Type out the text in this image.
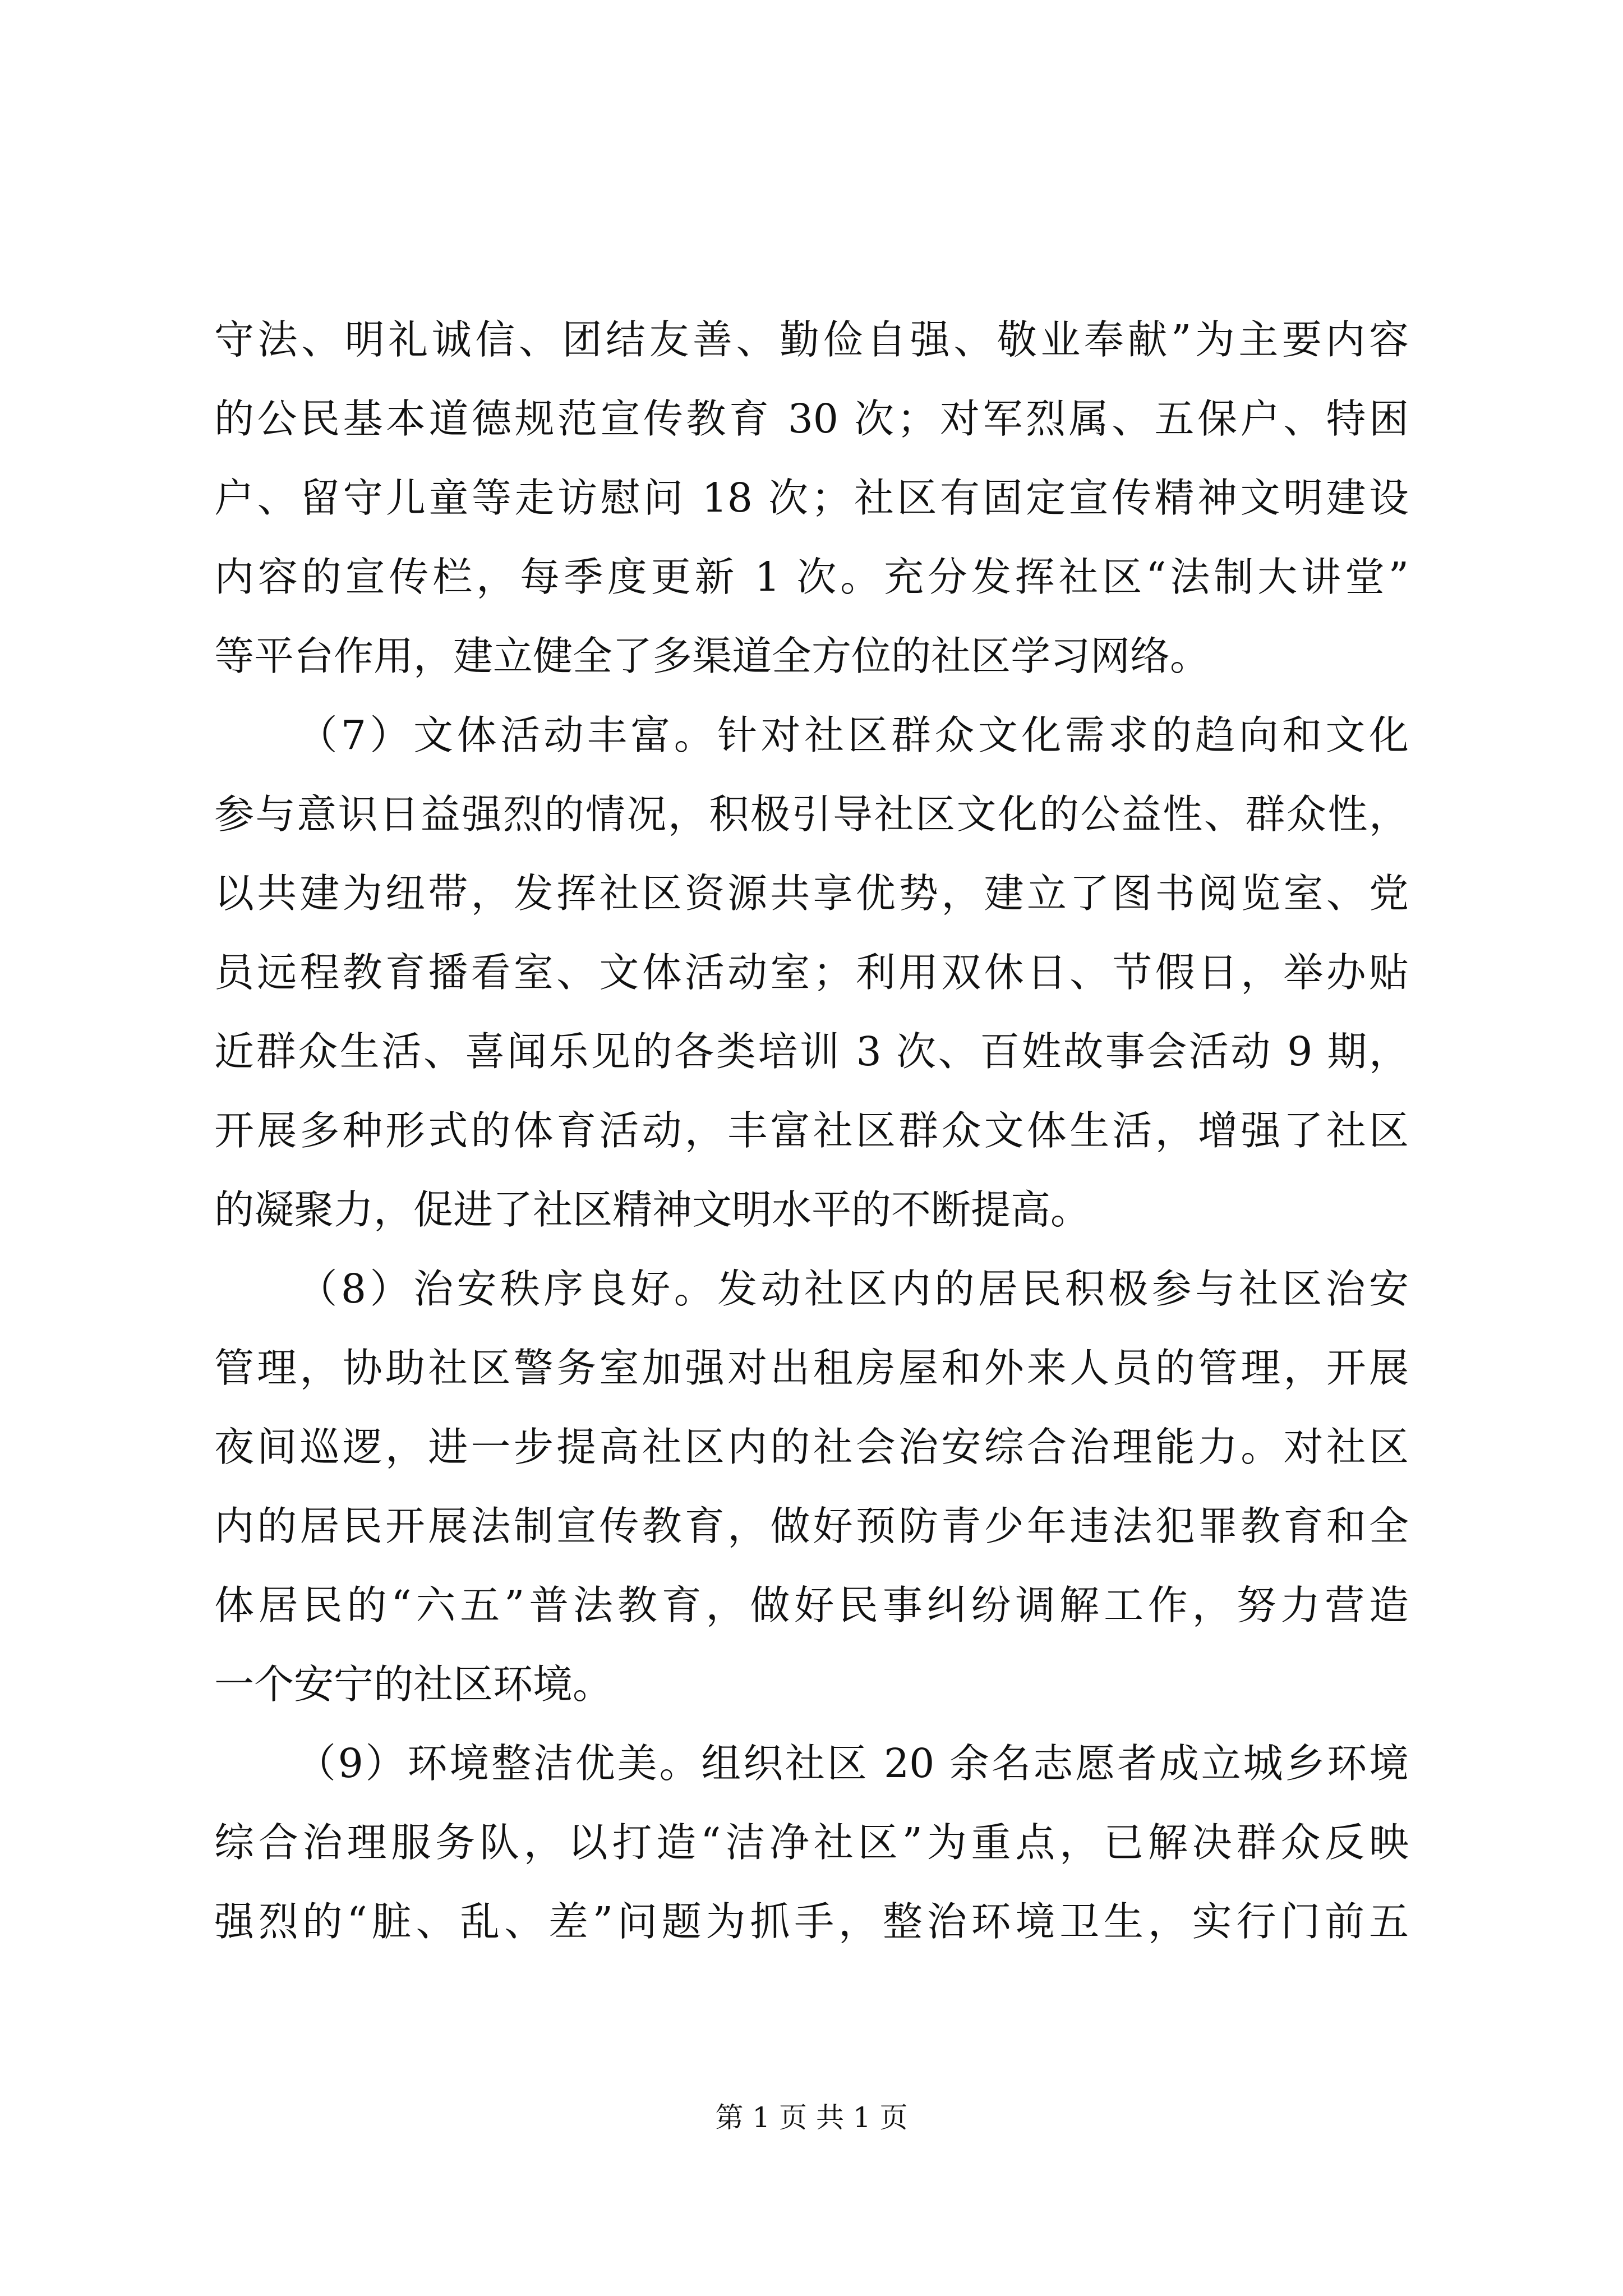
守法、明礼诚信、团结友善、勤俭自强、敬业奉献”为主要内容
的公民基本道德规范宣传教育 30 次；对军烈属、五保户、特困
户、留守儿童等走访慰问 18 次；社区有固定宣传精神文明建设
内容的宣传栏，每季度更新 1 次。充分发挥社区“法制大讲堂”
等平台作用，建立健全了多渠道全方位的社区学习网络。

（7）文体活动丰富。针对社区群众文化需求的趋向和文化
参与意识日益强烈的情况，积极引导社区文化的公益性、群众性，
以共建为纽带，发挥社区资源共享优势，建立了图书阅览室、党
员远程教育播看室、文体活动室；利用双休日、节假日，举办贴
近群众生活、喜闻乐见的各类培训 3 次、百姓故事会活动 9 期，
开展多种形式的体育活动，丰富社区群众文体生活，增强了社区
的凝聚力，促进了社区精神文明水平的不断提高。

（8）治安秩序良好。发动社区内的居民积极参与社区治安
管理，协助社区警务室加强对出租房屋和外来人员的管理，开展
夜间巡逻，进一步提高社区内的社会治安综合治理能力。对社区
内的居民开展法制宣传教育，做好预防青少年违法犯罪教育和全
体居民的“六五”普法教育，做好民事纠纷调解工作，努力营造
一个安宁的社区环境。

（9）环境整洁优美。组织社区 20 余名志愿者成立城乡环境
综合治理服务队，以打造“洁净社区”为重点，已解决群众反映
强烈的“脏、乱、差”问题为抓手，整治环境卫生，实行门前五

第 1 页 共 1 页
